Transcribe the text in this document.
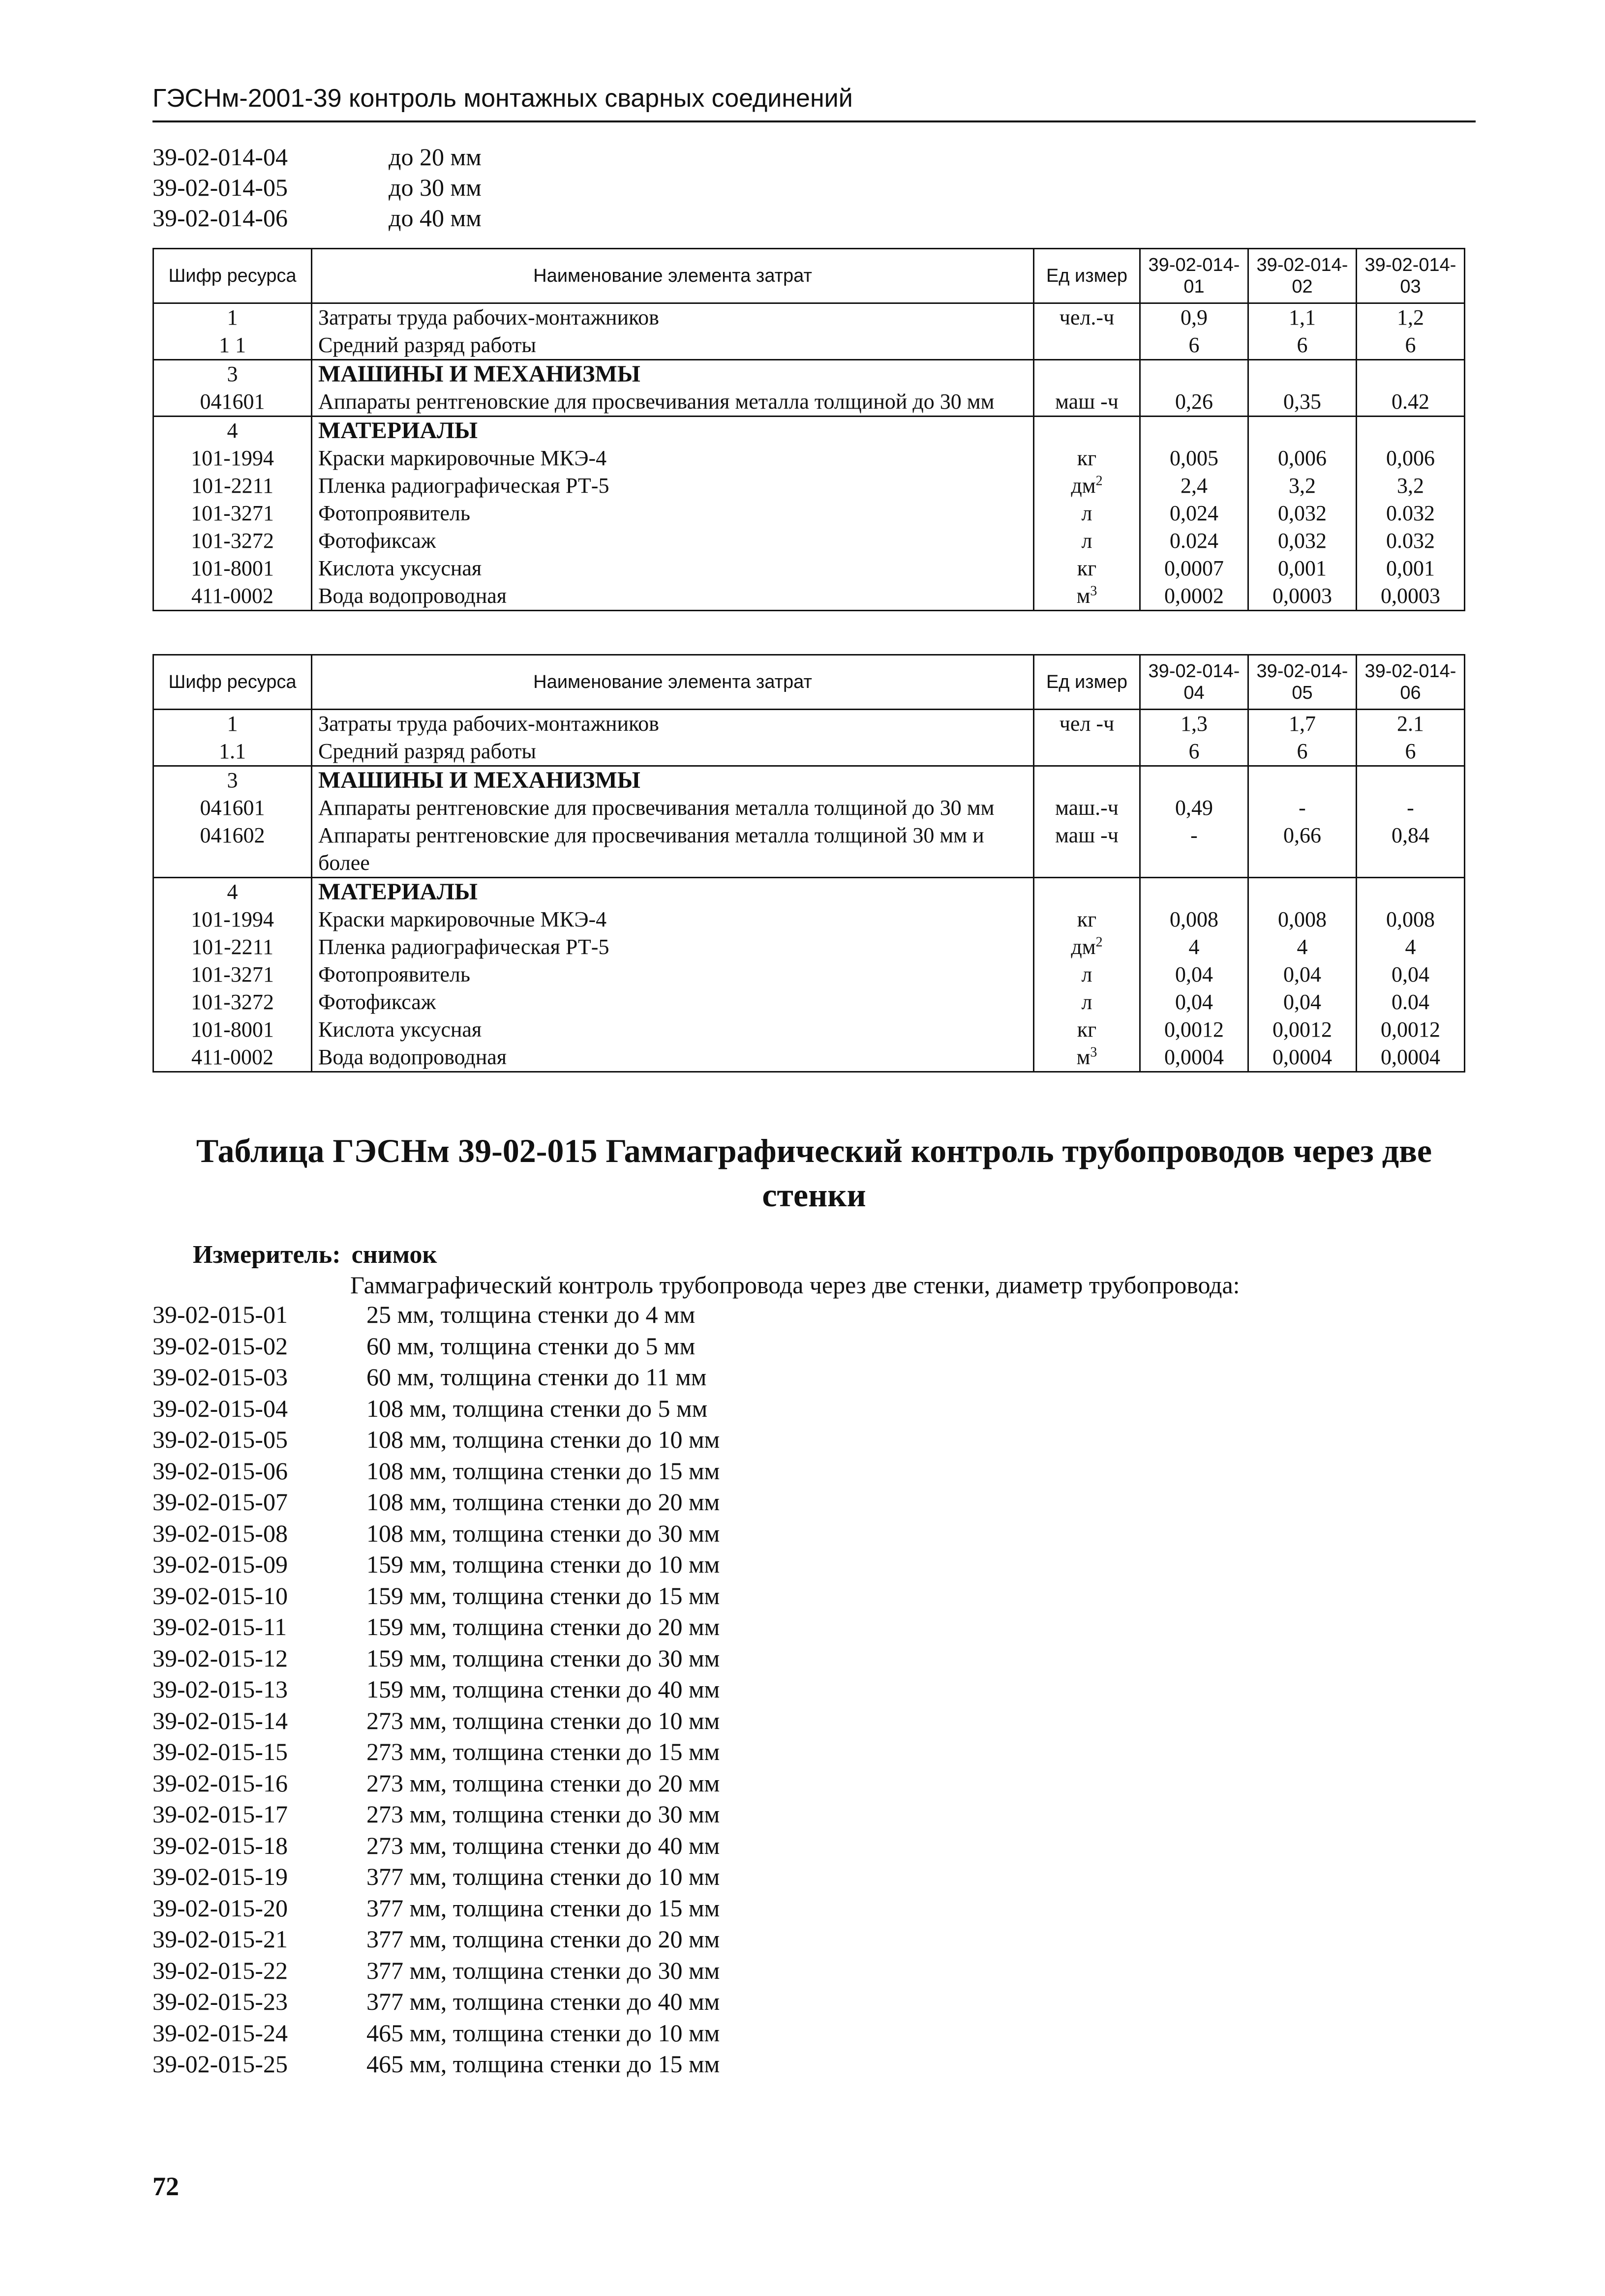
ГЭСНм-2001-39 контроль монтажных сварных соединений
39-02-014-04	до 20 мм
39-02-014-05	до 30 мм
39-02-014-06	до 40 мм
Шифр ресурса	Наименование элемента затрат	Ед измер	39-02-014-01	39-02-014-02	39-02-014-03
1	Затраты труда рабочих-монтажников	чел.-ч	0,9	1,1	1,2
1 1	Средний разряд работы		6	6	6
3	МАШИНЫ И МЕХАНИЗМЫ				
041601	Аппараты рентгеновские для просвечивания металла толщиной до 30 мм	маш -ч	0,26	0,35	0.42
4	МАТЕРИАЛЫ				
101-1994	Краски маркировочные МКЭ-4	кг	0,005	0,006	0,006
101-2211	Пленка радиографическая РТ-5	$дм^2$	2,4	3,2	3,2
101-3271	Фотопроявитель	л	0,024	0,032	0.032
101-3272	Фотофиксаж	л	0.024	0,032	0.032
101-8001	Кислота уксусная	кг	0,0007	0,001	0,001
411-0002	Вода водопроводная	$м^3$	0,0002	0,0003	0,0003
Шифр ресурса	Наименование элемента затрат	Ед измер	39-02-014-04	39-02-014-05	39-02-014-06
1	Затраты труда рабочих-монтажников	чел -ч	1,3	1,7	2.1
1.1	Средний разряд работы		6	6	6
3	МАШИНЫ И МЕХАНИЗМЫ				
041601	Аппараты рентгеновские для просвечивания металла толщиной до 30 мм	маш.-ч	0,49	-	-
041602	Аппараты рентгеновские для просвечивания металла толщиной 30 мм и более	маш -ч	-	0,66	0,84
4	МАТЕРИАЛЫ				
101-1994	Краски маркировочные МКЭ-4	кг	0,008	0,008	0,008
101-2211	Пленка радиографическая РТ-5	$дм^2$	4	4	4
101-3271	Фотопроявитель	л	0,04	0,04	0,04
101-3272	Фотофиксаж	л	0,04	0,04	0.04
101-8001	Кислота уксусная	кг	0,0012	0,0012	0,0012
411-0002	Вода водопроводная	$м^3$	0,0004	0,0004	0,0004
Таблица ГЭСНм 39-02-015 Гаммаграфический контроль трубопроводов через две стенки
Измеритель: снимок
Гаммаграфический контроль трубопровода через две стенки, диаметр трубопровода:
39-02-015-01	25 мм, толщина стенки до 4 мм
39-02-015-02	60 мм, толщина стенки до 5 мм
39-02-015-03	60 мм, толщина стенки до 11 мм
39-02-015-04	108 мм, толщина стенки до 5 мм
39-02-015-05	108 мм, толщина стенки до 10 мм
39-02-015-06	108 мм, толщина стенки до 15 мм
39-02-015-07	108 мм, толщина стенки до 20 мм
39-02-015-08	108 мм, толщина стенки до 30 мм
39-02-015-09	159 мм, толщина стенки до 10 мм
39-02-015-10	159 мм, толщина стенки до 15 мм
39-02-015-11	159 мм, толщина стенки до 20 мм
39-02-015-12	159 мм, толщина стенки до 30 мм
39-02-015-13	159 мм, толщина стенки до 40 мм
39-02-015-14	273 мм, толщина стенки до 10 мм
39-02-015-15	273 мм, толщина стенки до 15 мм
39-02-015-16	273 мм, толщина стенки до 20 мм
39-02-015-17	273 мм, толщина стенки до 30 мм
39-02-015-18	273 мм, толщина стенки до 40 мм
39-02-015-19	377 мм, толщина стенки до 10 мм
39-02-015-20	377 мм, толщина стенки до 15 мм
39-02-015-21	377 мм, толщина стенки до 20 мм
39-02-015-22	377 мм, толщина стенки до 30 мм
39-02-015-23	377 мм, толщина стенки до 40 мм
39-02-015-24	465 мм, толщина стенки до 10 мм
39-02-015-25	465 мм, толщина стенки до 15 мм
72
